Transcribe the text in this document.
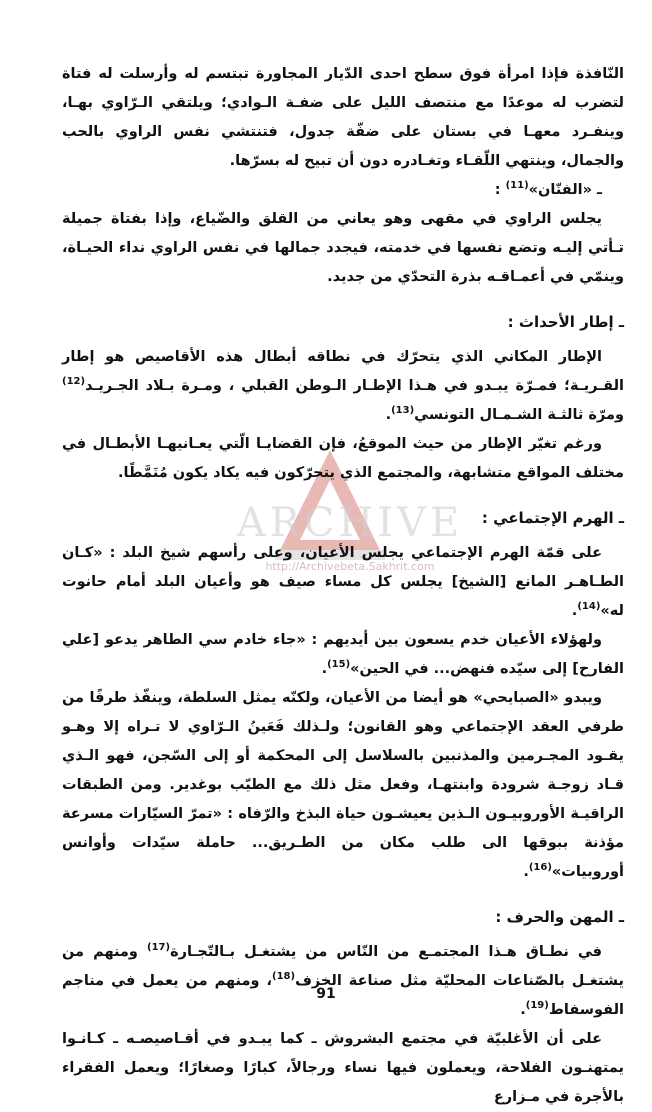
ARCHIVE
http://Archivebeta.Sakhrit.com

النّافذة فإذا امرأة فوق سطح احدى الدّيار المجاورة تبتسم له وأرسلت له فتاة لتضرب له موعدًا مع منتصف الليل على ضفـة الـوادي؛ ويلتقي الـرّاوي بهـا، وينفـرد معهـا في بستان على ضفّة جدول، فتنتشي نفس الراوي بالحب والجمال، وينتهي اللّقـاء وتغـادره دون أن تبيح له بسرّها.

ـ «الفنّان»$^{(11)}$ :

يجلس الراوي في مقهى وهو يعاني من القلق والضّياع، وإذا بفتاة جميلة تـأتي إليـه وتضع نفسها في خدمته، فيجدد جمالها في نفس الراوي نداء الحيـاة، وينمّي في أعمـاقـه بذرة التحدّي من جديد.

ـ إطار الأحداث :

الإطار المكاني الذي يتحرّك في نطاقه أبطال هذه الأقاصيص هو إطار القـريـة؛ فمـرّة يبـدو في هـذا الإطـار الـوطن القبلي ، ومـرة بـلاد الجـريـد$^{(12)}$ ومرّة ثالثـة الشـمـال التونسي$^{(13)}$.

ورغم تغيّر الإطار من حيث الموقعُ، فإن القضايـا الّتي يعـانيهـا الأبطـال في مختلف المواقع متشابهة، والمجتمع الذي يتحرّكون فيه يكاد يكون مُنَمَّطًا.

ـ الهرم الإجتماعي :

على قمّة الهرم الإجتماعي يجلس الأعيان، وعلى رأسهم شيخ البلد : «كـان الطـاهـر المانع [الشيخ] يجلس كل مساء صيف هو وأعيان البلد أمام حانوت له»$^{(14)}$.

ولهؤلاء الأعيان خدم يسعون بين أيديهم : «جاء خادم سي الطاهر يدعو [علي الفارح] إلى سيّده فنهض... في الحين»$^{(15)}$.

ويبدو «الصبايحي» هو أيضا من الأعيان، ولكنّه يمثل السلطة، وينفّذ طرفًا من طرفي العقد الإجتماعي وهو القانون؛ ولـذلك فَعَينُ الـرّاوي لا تـراه إلا وهـو يقـود المجـرمين والمذنبين بالسلاسل إلى المحكمة أو إلى السّجن، فهو الـذي قـاد زوجـة شرودة وابنتهـا، وفعل مثل ذلك مع الطيّب بوغدير. ومن الطبقات الراقيـة الأوروبيـون الـذين يعيشـون حياة البذخ والرّفاه : «تمرّ السيّارات مسرعة مؤذنة ببوقها الى طلب مكان من الطـريق... حاملة سيّدات وأوانس أوروبيات»$^{(16)}$.

ـ المهن والحرف :

في نطـاق هـذا المجتمـع من النّاس من يشتغـل بـالتّجـارة$^{(17)}$ ومنهم من يشتغـل بالصّناعات المحليّة مثل صناعة الخزف$^{(18)}$، ومنهم من يعمل في مناجم الفوسفاط$^{(19)}$.

على أن الأغلبيّة في مجتمع البشروش ـ كما يبـدو في أقـاصيصـه ـ كـانـوا يمتهنـون الفلاحة، ويعملون فيها نساء ورجالاً، كبارًا وصغارًا؛ ويعمل الفقراء بالأجرة في مـزارع

91
